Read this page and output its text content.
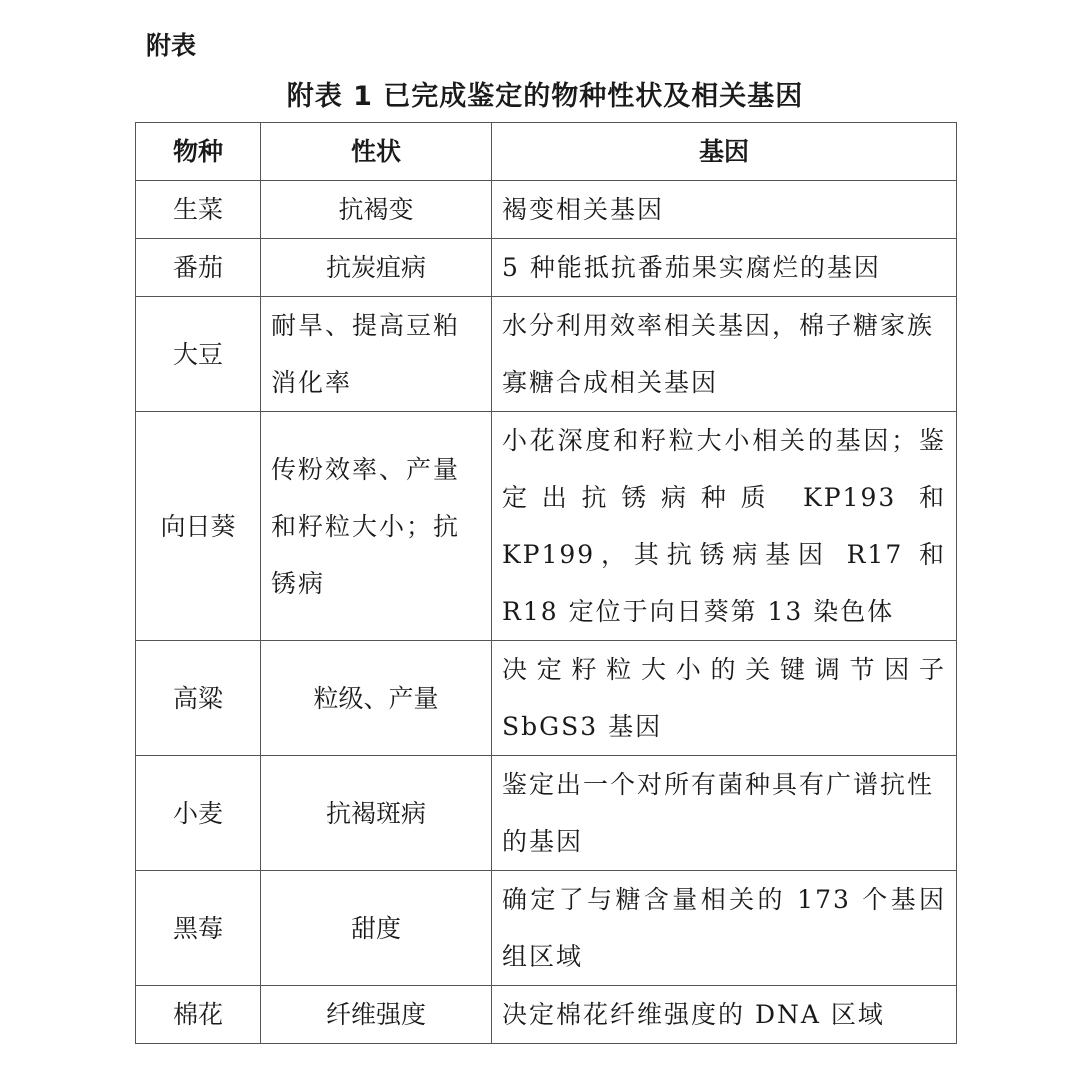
附表
附表 1 已完成鉴定的物种性状及相关基因
物种	性状	基因
生菜	抗褐变	褐变相关基因
番茄	抗炭疽病	5 种能抵抗番茄果实腐烂的基因
大豆	耐旱、提高豆粕消化率	水分利用效率相关基因，棉子糖家族寡糖合成相关基因
向日葵	传粉效率、产量和籽粒大小；抗锈病	小花深度和籽粒大小相关的基因；鉴定出抗锈病种质 KP193 和 KP199，其抗锈病基因 R17 和 R18 定位于向日葵第 13 染色体
高粱	粒级、产量	决定籽粒大小的关键调节因子 SbGS3 基因
小麦	抗褐斑病	鉴定出一个对所有菌种具有广谱抗性的基因
黑莓	甜度	确定了与糖含量相关的 173 个基因组区域
棉花	纤维强度	决定棉花纤维强度的 DNA 区域
